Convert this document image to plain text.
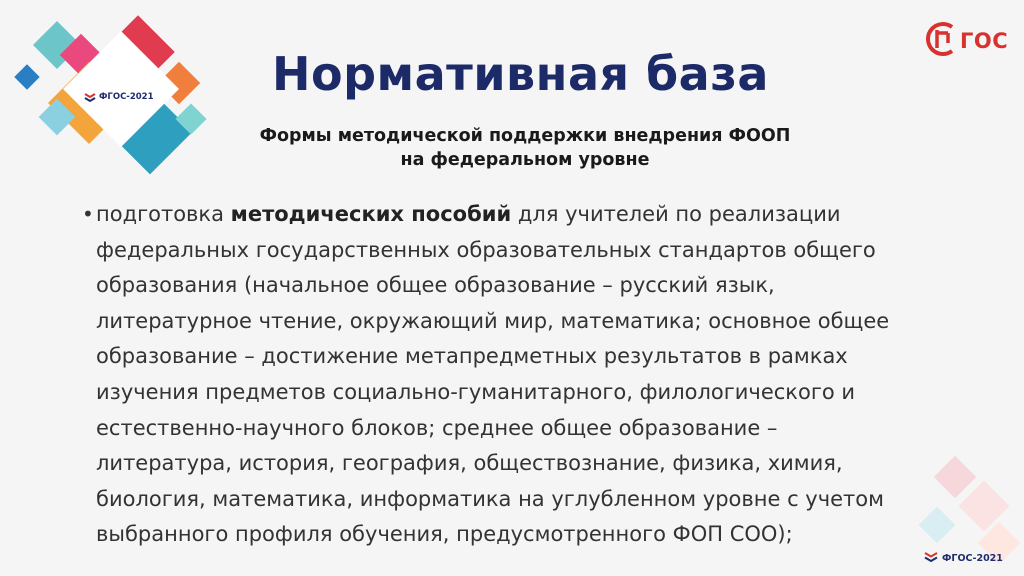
ФГОС-2021
ГОС
Нормативная база
Формы методической поддержки внедрения ФООП
на федеральном уровне
• подготовка методических пособий для учителей по реализации
федеральных государственных образовательных стандартов общего
образования (начальное общее образование – русский язык,
литературное чтение, окружающий мир, математика; основное общее
образование – достижение метапредметных результатов в рамках
изучения предметов социально-гуманитарного, филологического и
естественно-научного блоков; среднее общее образование –
литература, история, география, обществознание, физика, химия,
биология, математика, информатика на углубленном уровне с учетом
выбранного профиля обучения, предусмотренного ФОП СОО);
ФГОС-2021
